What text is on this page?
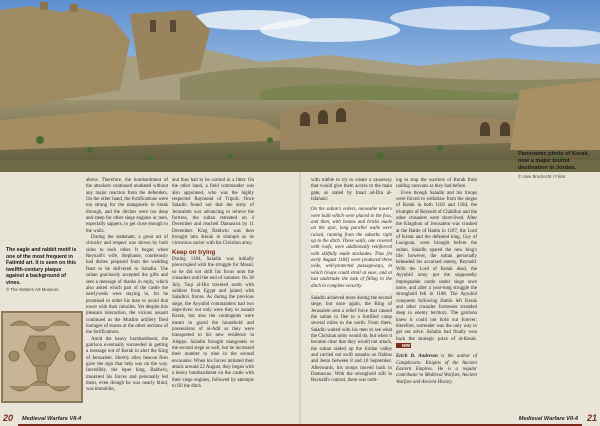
Panoramic photo of Kerak, now a major tourist destination in Jordan.
© Uwe Brodrecht / Flickr
The eagle and rabbit motif is one of the most frequent in Fatimid art. It is seen on this twelfth-century plaque against a background of vines.
© The Walters Art Museum

above. Therefore, the bombardment of the attackers continued unabated without any major reaction from the defenders. On the other hand, the fortifications were too strong for the mangonels to break through, and the ditches were too deep and steep for other siege engines or men, especially sappers, to get close enough to the walls.

During the stalemate, a great act of chivalry and respect was shown by both sides to each other. It began when Reynald's wife, Stephanie, courteously had dishes prepared from the wedding feast to be delivered to Saladin. The sultan graciously accepted the gifts and sent a message of thanks in reply, which also asked which part of the castle the newlyweds were staying in, for he promised to order his men to avoid that tower with their missiles. Yet despite this pleasant interaction, the vicious assault continued as the Muslim artillery fired barrages of stones at the other sections of the fortifications.

Amid the heavy bombardment, the garrison eventually succeeded in getting a message out of Kerak to alert the King of Jerusalem. Shortly after, beacon fires gave the sign that help was on the way. Incredibly, the leper king, Baldwin, mustered his forces and personally led them, even though he was nearly blind, was immobile,

and thus had to be carried in a litter. On the other hand, a field commander was also appointed, who was the highly respected Raymond of Tripoli. Once Saladin found out that the army of Jerusalem was advancing to relieve the fortress, the sultan retreated on 4 December and reached Damascus by 11 December. King Baldwin was then brought into Kerak in triumph as its victorious savior with his Christian army.

Keep on trying

During 1184, Saladin was initially preoccupied with the struggle for Mosul, so he did not shift his focus onto the crusaders until the end of summer. On 30 July, Taqi al-Din traveled north with soldiers from Egypt and joined with Saladin's forces. As during the previous siege, the Ayyubid commanders had two objectives: not only were they to assault Kerak, but also the contingents were meant to guard the household and possessions of al-Adil as they were transported to his new residence in Aleppo. Saladin brought mangonels to the second siege as well, but he increased their number to nine in the second encounter. When his forces initiated their attack around 22 August, they began with a heavy bombardment on the castle with their siege engines, followed by attempts to fill the ditch

with rubble to try to create a causeway that would give them access to the main gate, as stated by Imad ad-Din al-Isfahani:

On the sultan's orders, moveable towers were built which were placed to the foss, and then, with beams and bricks made on the spot, long parallel walls were raised, running from the suburbs right up to the ditch. These walls, one covered with roofs, were additionally reinforced with skilfully made stockades. Thus [in early August 1184] were produced three wide, well-protected passageways, in which troops could stroll at ease, and at last undertake the task of filling in the ditch in complete security.

Saladin achieved more during the second siege, but once again, the King of Jerusalem sent a relief force that caused the sultan to flee to a fortified camp several miles to the north. From there, Saladin waited with his men to see what the Christian army would do, but when it became clear that they would not attack, the sultan raided up the Jordan valley and carried out swift assaults on Nablus and Jenin between 8 and 10 September. Afterwards, his troops moved back to Damascus. With the stronghold still in Reynald's control, there was noth-

ing to stop the warriors of Kerak from raiding caravans as they had before.

Even though Saladin and his troops were forced to withdraw from the sieges of Kerak in both 1183 and 1184, the triumphs of Reynald of Châtillon and the other crusaders were short-lived. After the Kingdom of Jerusalem was crushed at the Battle of Hattin in 1187, the Lord of Kerak and the defeated king, Guy of Lusignan, were brought before the sultan. Saladin spared the new king's life; however, the sultan personally beheaded his accursed enemy, Reynald. With the Lord of Kerak dead, the Ayyubid army put the supposedly impregnable castle under siege once more, and after a year-long struggle the stronghold fell in 1188. The Ayyubid conquests following Hattin left Kerak and other crusader fortresses stranded deep in enemy territory. The garrison knew it could not hold out forever; therefore, surrender was the only way to get out alive. Saladin had finally won back the strategic prize of al-Kerak. MW

Erich B. Anderson is the author of Cataphracts: Knights of the Ancient Eastern Empires. He is a regular contributor to Medieval Warfare, Ancient Warfare and Ancient History.

20 Medieval Warfare VII-4	Medieval Warfare VII-4 21
